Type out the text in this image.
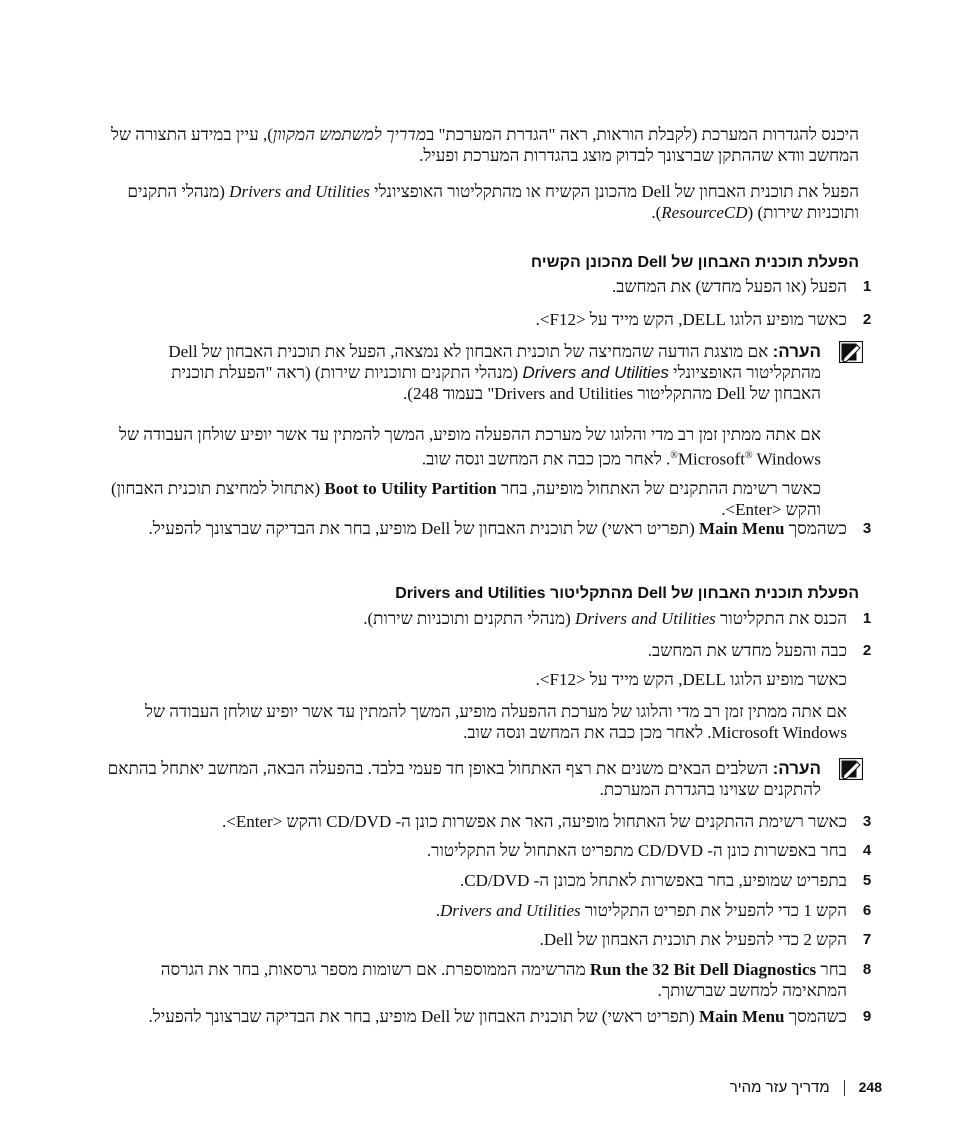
היכנס להגדרות המערכת (לקבלת הוראות, ראה "הגדרת המערכת" במדריך למשתמש המקוון), עיין במידע התצורה של המחשב וודא שההתקן שברצונך לבדוק מוצג בהגדרות המערכת ופעיל.

הפעל את תוכנית האבחון של Dell מהכונן הקשיח או מהתקליטור האופציונלי Drivers and Utilities (מנהלי התקנים ותוכניות שירות) (ResourceCD).

הפעלת תוכנית האבחון של Dell מהכונן הקשיח
1
הפעל (או הפעל מחדש) את המחשב.
2
כאשר מופיע הלוגו DELL, הקש מייד על <F12>.
הערה: אם מוצגת הודעה שהמחיצה של תוכנית האבחון לא נמצאה, הפעל את תוכנית האבחון של Dell מהתקליטור האופציונלי Drivers and Utilities (מנהלי התקנים ותוכניות שירות) (ראה "הפעלת תוכנית האבחון של Dell מהתקליטור Drivers and Utilities" בעמוד 248).

אם אתה ממתין זמן רב מדי והלוגו של מערכת ההפעלה מופיע, המשך להמתין עד אשר יופיע שולחן העבודה של Microsoft® Windows®. לאחר מכן כבה את המחשב ונסה שוב.

כאשר רשימת ההתקנים של האתחול מופיעה, בחר Boot to Utility Partition (אתחול למחיצת תוכנית האבחון) והקש <Enter>.

3
כשהמסך Main Menu (תפריט ראשי) של תוכנית האבחון של Dell מופיע, בחר את הבדיקה שברצונך להפעיל.
הפעלת תוכנית האבחון של Dell מהתקליטור Drivers and Utilities
1
הכנס את התקליטור Drivers and Utilities (מנהלי התקנים ותוכניות שירות).
2
כבה והפעל מחדש את המחשב.

כאשר מופיע הלוגו DELL, הקש מייד על <F12>.

אם אתה ממתין זמן רב מדי והלוגו של מערכת ההפעלה מופיע, המשך להמתין עד אשר יופיע שולחן העבודה של Microsoft Windows. לאחר מכן כבה את המחשב ונסה שוב.

הערה: השלבים הבאים משנים את רצף האתחול באופן חד פעמי בלבד. בהפעלה הבאה, המחשב יאתחל בהתאם להתקנים שצוינו בהגדרת המערכת.
3
כאשר רשימת ההתקנים של האתחול מופיעה, הא‏ר את אפשרות כונן ה- CD/DVD והקש <Enter>.
4
בחר באפשרות כונן ה- CD/DVD מתפריט האתחול של התקליטור.
5
בתפריט שמופיע, בחר באפשרות לאתחל מכונן ה- CD/DVD.
6
הקש 1 כדי להפעיל את תפריט התקליטור Drivers and Utilities.
7
הקש 2 כדי להפעיל את תוכנית האבחון של Dell.
8
בחר Run the 32 Bit Dell Diagnostics מהרשימה הממוספרת. אם רשומות מספר גרסאות, בחר את הגרסה המתאימה למחשב שברשותך.
9
כשהמסך Main Menu (תפריט ראשי) של תוכנית האבחון של Dell מופיע, בחר את הבדיקה שברצונך להפעיל.
248
מדריך עזר מהיר
